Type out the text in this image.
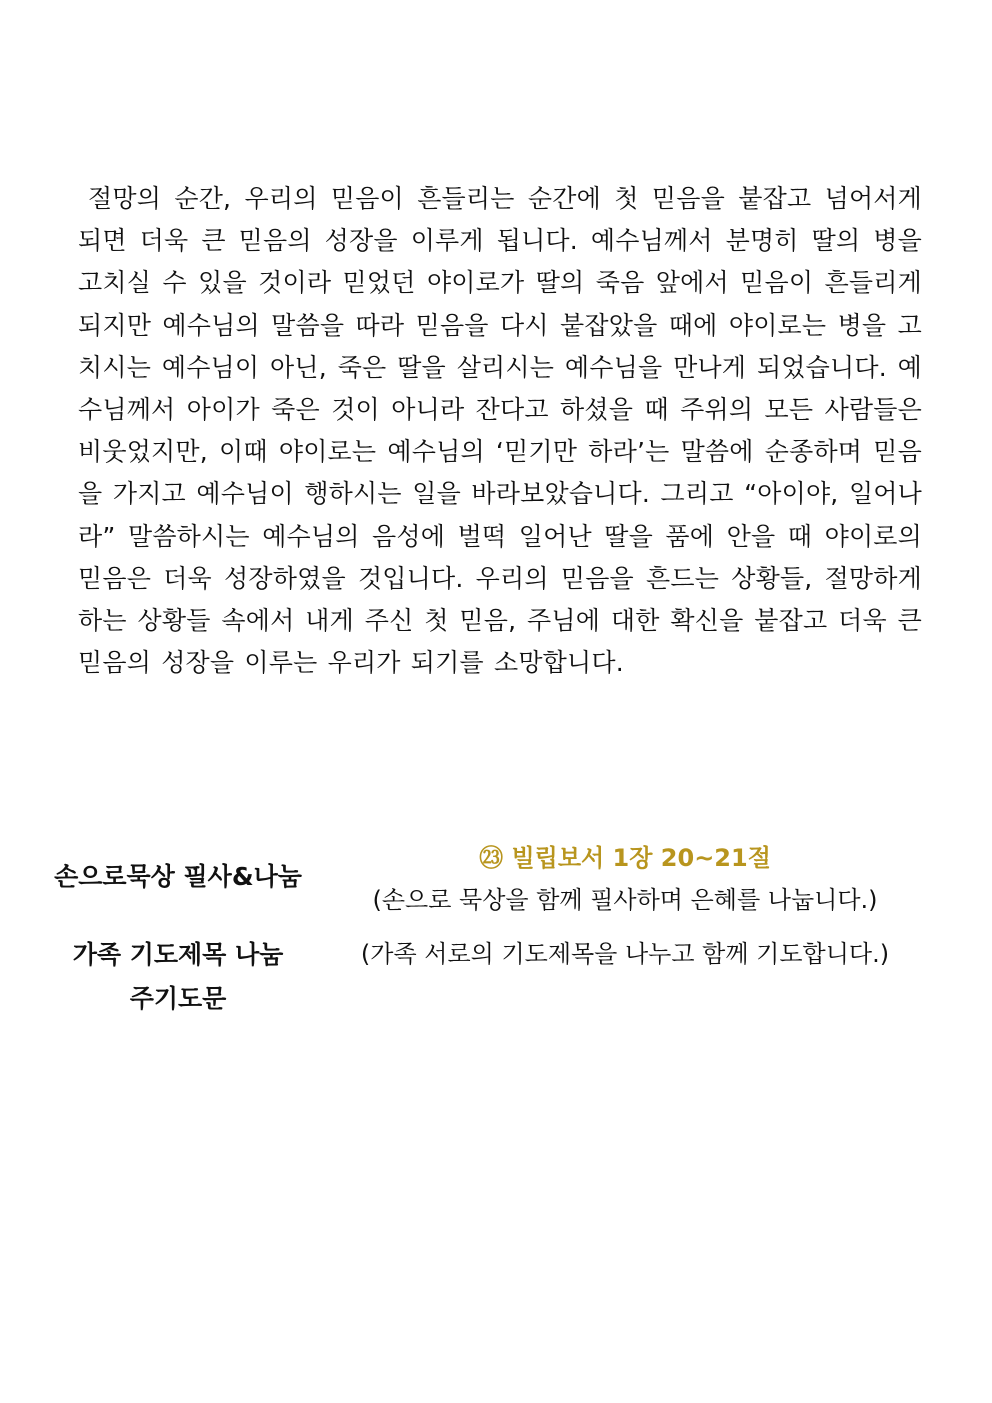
절망의 순간, 우리의 믿음이 흔들리는 순간에 첫 믿음을 붙잡고 넘어서게 되면 더욱 큰 믿음의 성장을 이루게 됩니다. 예수님께서 분명히 딸의 병을 고치실 수 있을 것이라 믿었던 야이로가 딸의 죽음 앞에서 믿음이 흔들리게 되지만 예수님의 말씀을 따라 믿음을 다시 붙잡았을 때에 야이로는 병을 고치시는 예수님이 아닌, 죽은 딸을 살리시는 예수님을 만나게 되었습니다. 예수님께서 아이가 죽은 것이 아니라 잔다고 하셨을 때 주위의 모든 사람들은 비웃었지만, 이때 야이로는 예수님의 ‘믿기만 하라’는 말씀에 순종하며 믿음을 가지고 예수님이 행하시는 일을 바라보았습니다. 그리고 “아이야, 일어나라” 말씀하시는 예수님의 음성에 벌떡 일어난 딸을 품에 안을 때 야이로의 믿음은 더욱 성장하였을 것입니다. 우리의 믿음을 흔드는 상황들, 절망하게 하는 상황들 속에서 내게 주신 첫 믿음, 주님에 대한 확신을 붙잡고 더욱 큰 믿음의 성장을 이루는 우리가 되기를 소망합니다.

손으로묵상 필사&나눔
㉓ 빌립보서 1장 20~21절
(손으로 묵상을 함께 필사하며 은혜를 나눕니다.)
가족 기도제목 나눔	(가족 서로의 기도제목을 나누고 함께 기도합니다.)
주기도문
